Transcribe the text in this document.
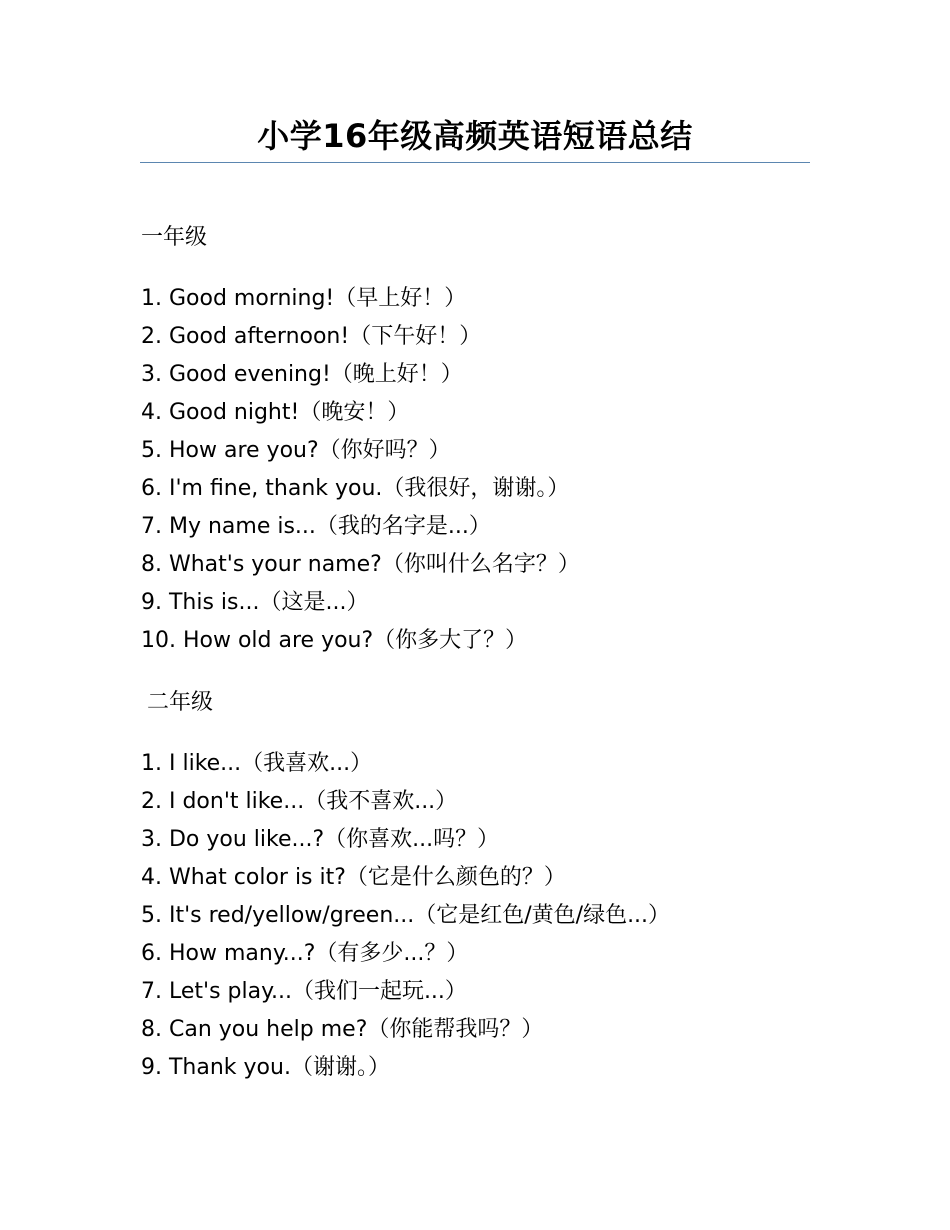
小学16年级高频英语短语总结
一年级
1. Good morning!（早上好！）
2. Good afternoon!（下午好！）
3. Good evening!（晚上好！）
4. Good night!（晚安！）
5. How are you?（你好吗？）
6. I'm fine, thank you.（我很好，谢谢。）
7. My name is...（我的名字是...）
8. What's your name?（你叫什么名字？）
9. This is...（这是...）
10. How old are you?（你多大了？）
二年级
1. I like...（我喜欢...）
2. I don't like...（我不喜欢...）
3. Do you like...?（你喜欢...吗？）
4. What color is it?（它是什么颜色的？）
5. It's red/yellow/green...（它是红色/黄色/绿色...）
6. How many...?（有多少...？）
7. Let's play...（我们一起玩...）
8. Can you help me?（你能帮我吗？）
9. Thank you.（谢谢。）
